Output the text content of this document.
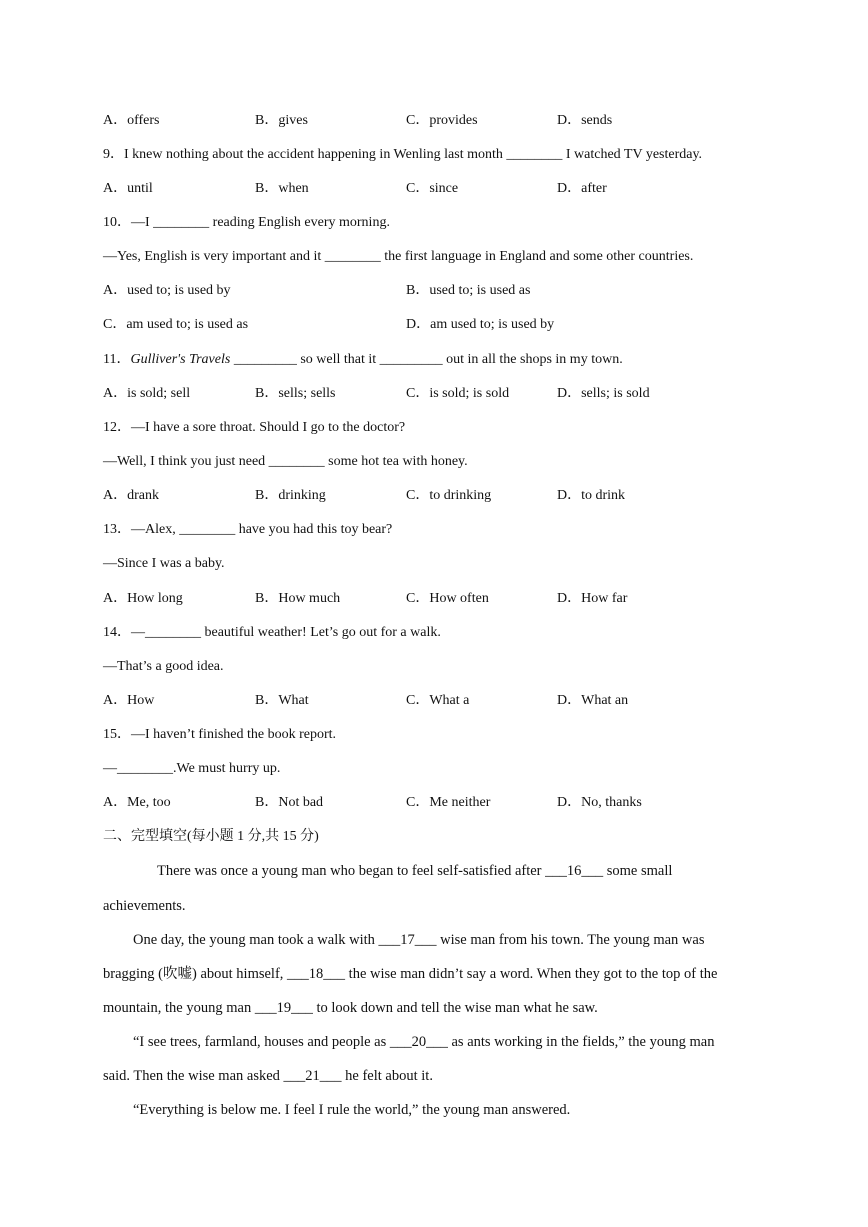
A．offers	B．gives	C．provides	D．sends
9．I knew nothing about the accident happening in Wenling last month ________ I watched TV yesterday.
A．until	B．when	C．since	D．after
10．—I ________ reading English every morning.
—Yes, English is very important and it ________ the first language in England and some other countries.
A．used to; is used by	B．used to; is used as
C．am used to; is used as	D．am used to; is used by
11．Gulliver's Travels _________ so well that it _________ out in all the shops in my town.
A．is sold; sell	B．sells; sells	C．is sold; is sold	D．sells; is sold
12．—I have a sore throat. Should I go to the doctor?
—Well, I think you just need ________ some hot tea with honey.
A．drank	B．drinking	C．to drinking	D．to drink
13．—Alex, ________ have you had this toy bear?
—Since I was a baby.
A．How long	B．How much	C．How often	D．How far
14．—________ beautiful weather! Let’s go out for a walk.
—That’s a good idea.
A．How	B．What	C．What a	D．What an
15．—I haven’t finished the book report.
—________.We must hurry up.
A．Me, too	B．Not bad	C．Me neither	D．No, thanks
二、完型填空(每小题 1 分,共 15 分)
There was once a young man who began to feel self-satisfied after ___16___ some small
achievements.
One day, the young man took a walk with ___17___ wise man from his town. The young man was
bragging (吹嘘) about himself, ___18___ the wise man didn’t say a word. When they got to the top of the
mountain, the young man ___19___ to look down and tell the wise man what he saw.
“I see trees, farmland, houses and people as ___20___ as ants working in the fields,” the young man
said. Then the wise man asked ___21___ he felt about it.
“Everything is below me. I feel I rule the world,” the young man answered.
